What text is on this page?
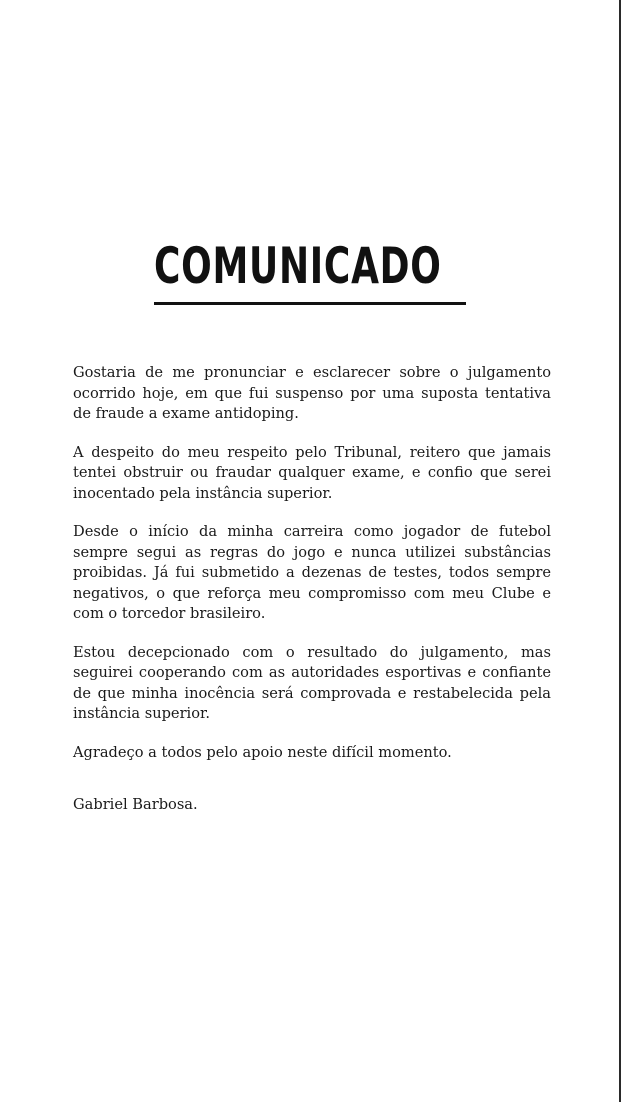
COMUNICADO

Gostaria de me pronunciar e esclarecer sobre o julgamento ocorrido hoje, em que fui suspenso por uma suposta tentativa de fraude a exame antidoping.

A despeito do meu respeito pelo Tribunal, reitero que jamais tentei obstruir ou fraudar qualquer exame, e confio que serei inocentado pela instância superior.

Desde o início da minha carreira como jogador de futebol sempre segui as regras do jogo e nunca utilizei substâncias proibidas. Já fui submetido a dezenas de testes, todos sempre negativos, o que reforça meu compromisso com meu Clube e com o torcedor brasileiro.

Estou decepcionado com o resultado do julgamento, mas seguirei cooperando com as autoridades esportivas e confiante de que minha inocência será comprovada e restabelecida pela instância superior.

Agradeço a todos pelo apoio neste difícil momento.

Gabriel Barbosa.
